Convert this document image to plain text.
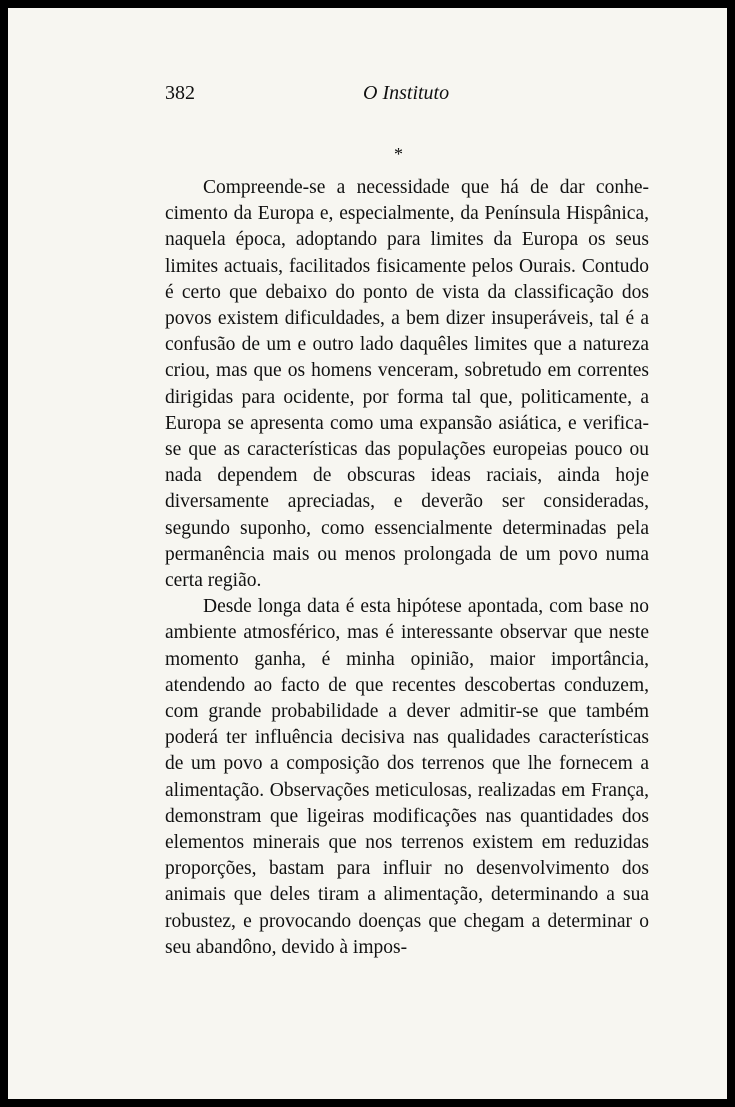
382	O Instituto
*

Compreende-se a necessidade que há de dar conhecimento da Europa e, especialmente, da Península Hispânica, naquela época, adoptando para limites da Europa os seus limites actuais, facilitados fisicamente pelos Ourais. Contudo é certo que debaixo do ponto de vista da classificação dos povos existem dificuldades, a bem dizer insuperáveis, tal é a confusão de um e outro lado daquêles limites que a natureza criou, mas que os homens venceram, sobretudo em correntes dirigidas para ocidente, por forma tal que, politicamente, a Europa se apresenta como uma expansão asiática, e verifica-se que as características das populações europeias pouco ou nada dependem de obscuras ideas raciais, ainda hoje diversamente apreciadas, e deverão ser consideradas, segundo suponho, como essencialmente determinadas pela permanência mais ou menos prolongada de um povo numa certa região.

Desde longa data é esta hipótese apontada, com base no ambiente atmosférico, mas é interessante observar que neste momento ganha, é minha opinião, maior importância, atendendo ao facto de que recentes descobertas conduzem, com grande probabilidade a dever admitir-se que também poderá ter influência decisiva nas qualidades características de um povo a composição dos terrenos que lhe fornecem a alimentação. Observações meticulosas, realizadas em França, demonstram que ligeiras modificações nas quantidades dos elementos minerais que nos terrenos existem em reduzidas proporções, bastam para influir no desenvolvimento dos animais que deles tiram a alimentação, determinando a sua robustez, e provocando doenças que chegam a determinar o seu abandôno, devido à impos-
